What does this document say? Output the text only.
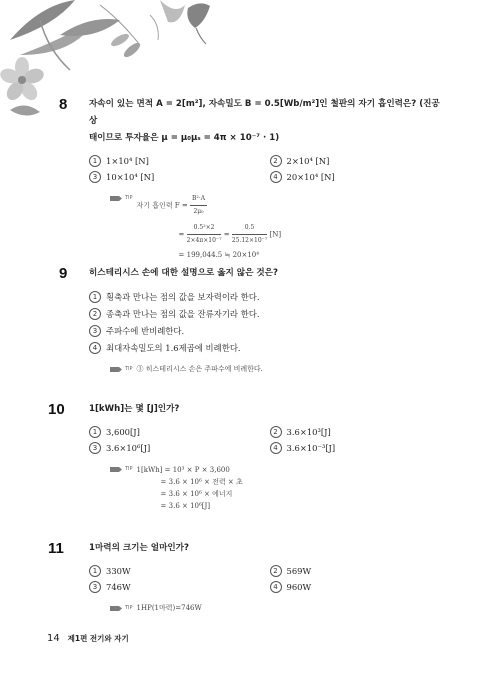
8	자속이 있는 면적 A = 2[m²], 자속밀도 B = 0.5[Wb/m²]인 철판의 자기 흡인력은? (진공 상
태이므로 투자율은 μ = μ₀μₛ = 4π × 10⁻⁷ · 1)
1	1×10⁴ [N]	2	2×10⁴ [N]
3	10×10⁴ [N]	4	20×10⁴ [N]
TIP
자기 흡인력 $F = \frac{\text{B²·A}}{\text{2μ₀}}$
= $\frac{\text{0.5²×2}}{\text{2×4π×10⁻⁷}} = \frac{0.5}{\text{25.12×10⁻⁷}} [N]$
= 199,044.5 ≒ 20×10⁴
9	히스테리시스 손에 대한 설명으로 옳지 않은 것은?
1	횡축과 만나는 점의 값을 보자력이라 한다.
2	종축과 만나는 점의 값을 잔류자기라 한다.
3	주파수에 반비례한다.
4	최대자속밀도의 1.6제곱에 비례한다.
TIP ③ 히스테리시스 손은 주파수에 비례한다.
10	1[kWh]는 몇 [J]인가?
1	3,600[J]	2	3.6×10³[J]
3	3.6×10⁶[J]	4	3.6×10⁻³[J]
TIP 1[kWh] = 10³ × P × 3,600
= 3.6 × 10⁶ × 전력 × 초
= 3.6 × 10⁶ × 에너지
= 3.6 × 10⁶[J]
11	1마력의 크기는 얼마인가?
1	330W	2	569W
3	746W	4	960W
TIP 1HP(1마력)=746W
14 제1편 전기와 자기
